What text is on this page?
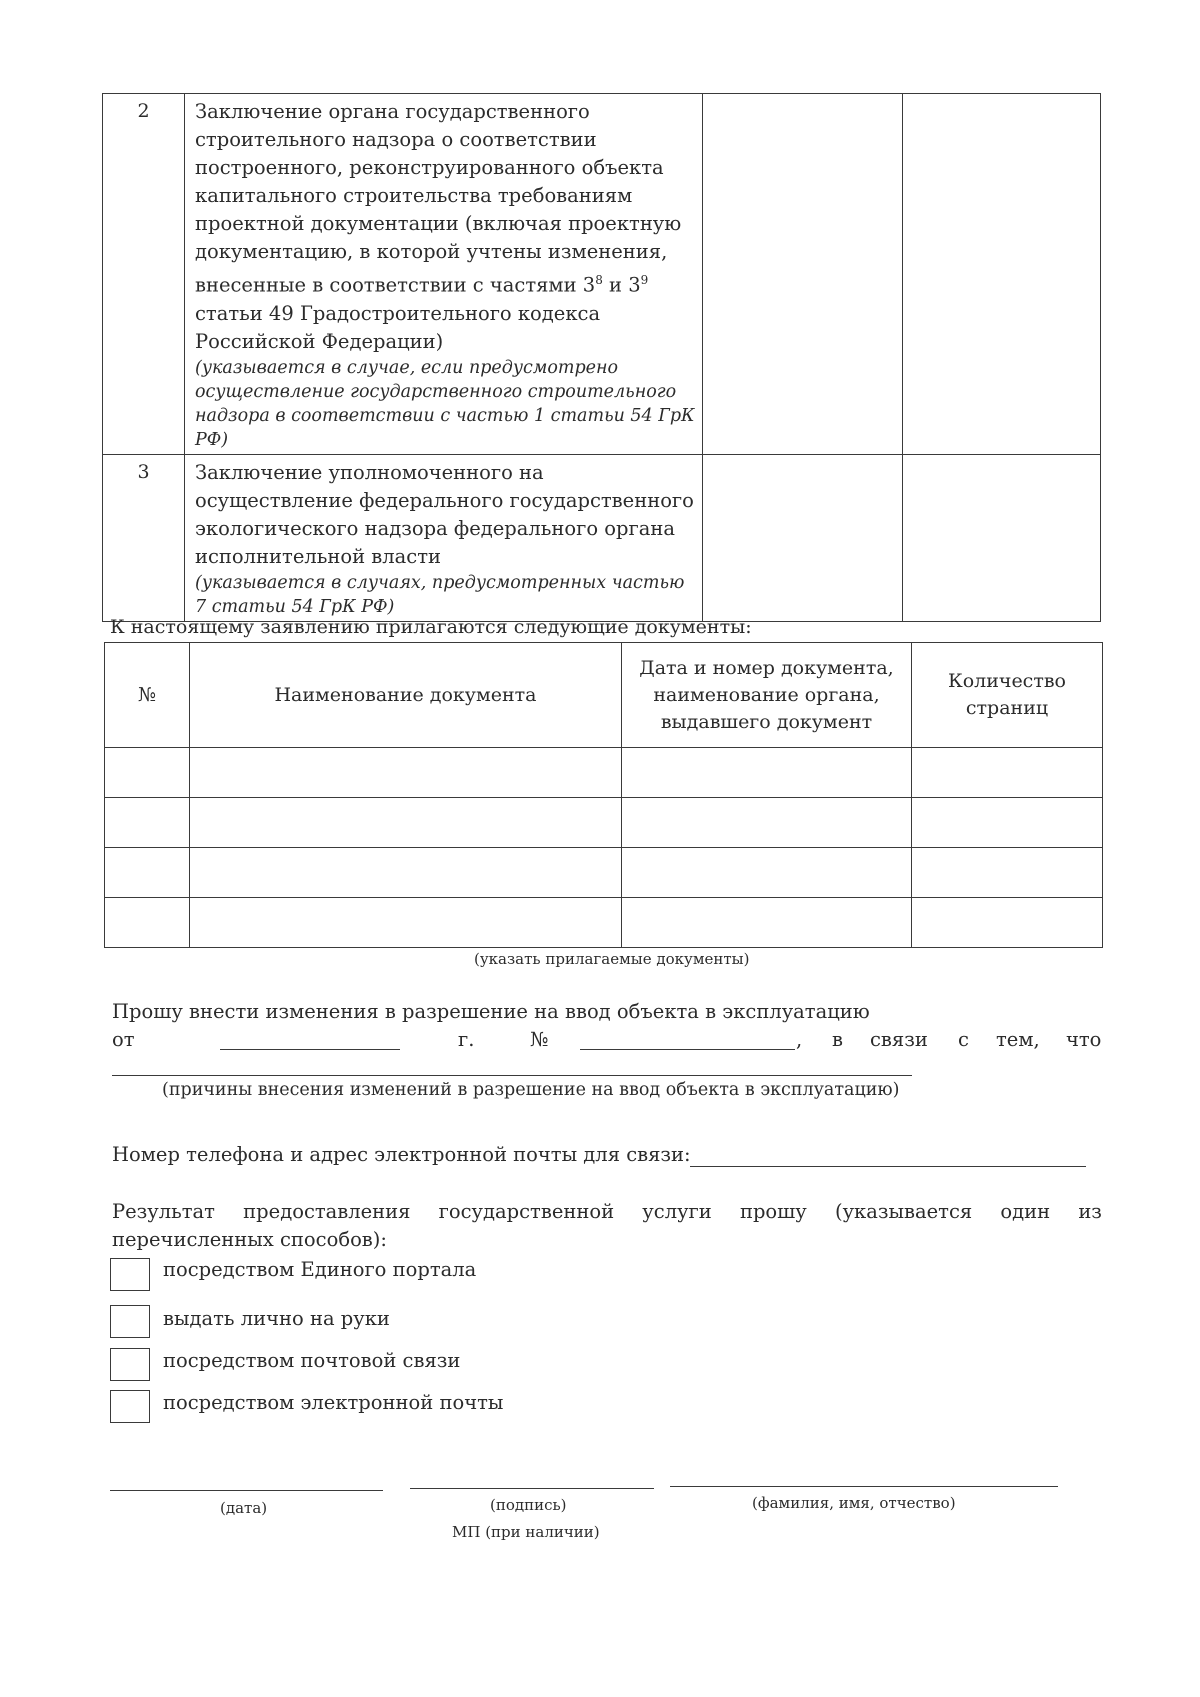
2	Заключение органа государственного строительного надзора о соответствии построенного, реконструированного объекта капитального строительства требованиям проектной документации (включая проектную документацию, в которой учтены изменения, внесенные в соответствии с частями $3^8$ и $3^9$ статьи 49 Градостроительного кодекса Российской Федерации)
(указывается в случае, если предусмотрено осуществление государственного строительного надзора в соответствии с частью 1 статьи 54 ГрК РФ)		

3	Заключение уполномоченного на осуществление федерального государственного экологического надзора федерального органа исполнительной власти
(указывается в случаях, предусмотренных частью 7 статьи 54 ГрК РФ)		

К настоящему заявлению прилагаются следующие документы:
№	Наименование документа	Дата и номер документа, наименование органа, выдавшего документ	Количество страниц

(указать прилагаемые документы)
Прошу внести изменения в разрешение на ввод объекта в эксплуатацию
от	г.	№	, в связи с тем, что
(причины внесения изменений в разрешение на ввод объекта в эксплуатацию)
Номер телефона и адрес электронной почты для связи:
Результат предоставления государственной услуги прошу (указывается один из
перечисленных способов):
посредством Единого портала
выдать лично на руки
посредством почтовой связи
посредством электронной почты
(дата)	(подпись)	(фамилия, имя, отчество)
МП (при наличии)
